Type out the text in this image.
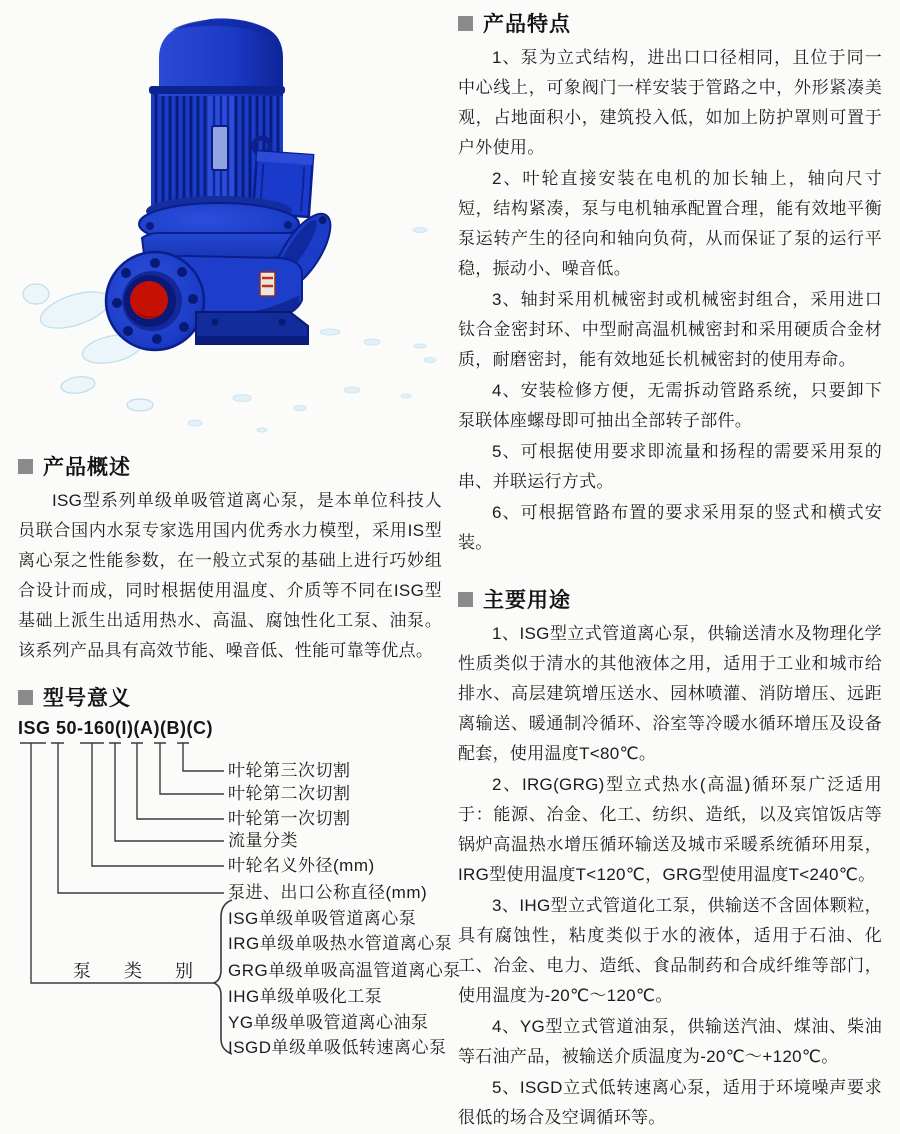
产品概述

ISG型系列单级单吸管道离心泵，是本单位科技人员联合国内水泵专家选用国内优秀水力模型，采用IS型离心泵之性能参数，在一般立式泵的基础上进行巧妙组合设计而成，同时根据使用温度、介质等不同在ISG型基础上派生出适用热水、高温、腐蚀性化工泵、油泵。该系列产品具有高效节能、噪音低、性能可靠等优点。

型号意义
ISG 50-160(I)(A)(B)(C)
叶轮第三次切割
叶轮第二次切割
叶轮第一次切割
流量分类
叶轮名义外径(mm)
泵进、出口公称直径(mm)
泵 类 别
ISG单级单吸管道离心泵
IRG单级单吸热水管道离心泵
GRG单级单吸高温管道离心泵
IHG单级单吸化工泵
YG单级单吸管道离心油泵
ISGD单级单吸低转速离心泵
产品特点

1、泵为立式结构，进出口口径相同，且位于同一中心线上，可象阀门一样安装于管路之中，外形紧凑美观，占地面积小，建筑投入低，如加上防护罩则可置于户外使用。

2、叶轮直接安装在电机的加长轴上，轴向尺寸短，结构紧凑，泵与电机轴承配置合理，能有效地平衡泵运转产生的径向和轴向负荷，从而保证了泵的运行平稳，振动小、噪音低。

3、轴封采用机械密封或机械密封组合，采用进口钛合金密封环、中型耐高温机械密封和采用硬质合金材质，耐磨密封，能有效地延长机械密封的使用寿命。

4、安装检修方便，无需拆动管路系统，只要卸下泵联体座螺母即可抽出全部转子部件。

5、可根据使用要求即流量和扬程的需要采用泵的串、并联运行方式。

6、可根据管路布置的要求采用泵的竖式和横式安装。

主要用途

1、ISG型立式管道离心泵，供输送清水及物理化学性质类似于清水的其他液体之用，适用于工业和城市给排水、高层建筑增压送水、园林喷灌、消防增压、远距离输送、暖通制冷循环、浴室等冷暖水循环增压及设备配套，使用温度T<80℃。

2、IRG(GRG)型立式热水(高温)循环泵广泛适用于：能源、冶金、化工、纺织、造纸，以及宾馆饭店等锅炉高温热水增压循环输送及城市采暖系统循环用泵，IRG型使用温度T<120℃，GRG型使用温度T<240℃。

3、IHG型立式管道化工泵，供输送不含固体颗粒，具有腐蚀性，粘度类似于水的液体，适用于石油、化工、冶金、电力、造纸、食品制药和合成纤维等部门，使用温度为-20℃～120℃。

4、YG型立式管道油泵，供输送汽油、煤油、柴油等石油产品，被输送介质温度为-20℃～+120℃。

5、ISGD立式低转速离心泵，适用于环境噪声要求很低的场合及空调循环等。
